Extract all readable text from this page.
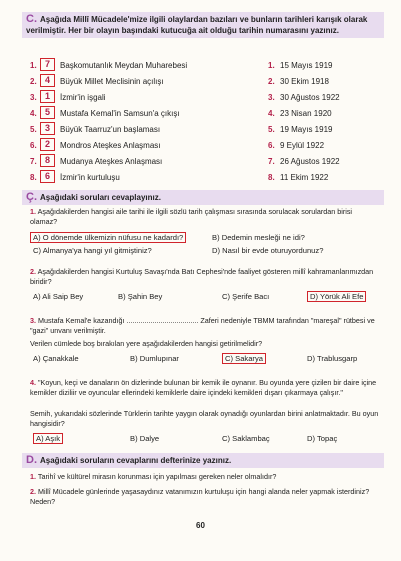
C. Aşağıda Millî Mücadele'mize ilgili olaylardan bazıları ve bunların tarihleri karışık olarak verilmiştir. Her bir olayın başındaki kutucuğa ait olduğu tarihin numarasını yazınız.
1. 7	Başkomutanlık Meydan Muharebesi
2. 4	Büyük Millet Meclisinin açılışı
3. 1	İzmir'in işgali
4. 5	Mustafa Kemal'in Samsun'a çıkışı
5. 3	Büyük Taarruz'un başlaması
6. 2	Mondros Ateşkes Anlaşması
7. 8	Mudanya Ateşkes Anlaşması
8. 6	İzmir'in kurtuluşu
1. 15 Mayıs 1919
2. 30 Ekim 1918
3. 30 Ağustos 1922
4. 23 Nisan 1920
5. 19 Mayıs 1919
6. 9 Eylül 1922
7. 26 Ağustos 1922
8. 11 Ekim 1922
Ç. Aşağıdaki soruları cevaplayınız.
1. Aşağıdakilerden hangisi aile tarihi ile ilgili sözlü tarih çalışması sırasında sorulacak sorulardan birisi olamaz?
A) O dönemde ülkemizin nüfusu ne kadardı?	B) Dedemin mesleği ne idi?
C) Almanya'ya hangi yıl gitmiştiniz?	D) Nasıl bir evde oturuyordunuz?
2. Aşağıdakilerden hangisi Kurtuluş Savaşı'nda Batı Cephesi'nde faaliyet gösteren millî kahramanlarımızdan biridir?
A) Ali Saip Bey	B) Şahin Bey	C) Şerife Bacı	D) Yörük Ali Efe
3. Mustafa Kemal'e kazandığı .................................... Zaferi nedeniyle TBMM tarafından "mareşal" rütbesi ve "gazi" unvanı verilmiştir.
Verilen cümlede boş bırakılan yere aşağıdakilerden hangisi getirilmelidir?
A) Çanakkale	B) Dumlupınar	C) Sakarya	D) Trablusgarp
4. "Koyun, keçi ve danaların ön dizlerinde bulunan bir kemik ile oynanır. Bu oyunda yere çizilen bir daire içine kemikler diziliir ve oyuncular ellerindeki kemiklerle daire içindeki kemikleri dışarı çıkarmaya çalışır."
Semih, yukarıdaki sözlerinde Türklerin tarihte yaygın olarak oynadığı oyunlardan birini anlatmaktadır. Bu oyun hangisidir?
A) Aşık	B) Dalye	C) Saklambaç	D) Topaç
D. Aşağıdaki soruların cevaplarını defterinize yazınız.
1. Tarihî ve kültürel mirasın korunması için yapılması gereken neler olmalıdır?
2. Millî Mücadele günlerinde yaşasaydınız vatanımızın kurtuluşu için hangi alanda neler yapmak isterdiniz? Neden?
60
